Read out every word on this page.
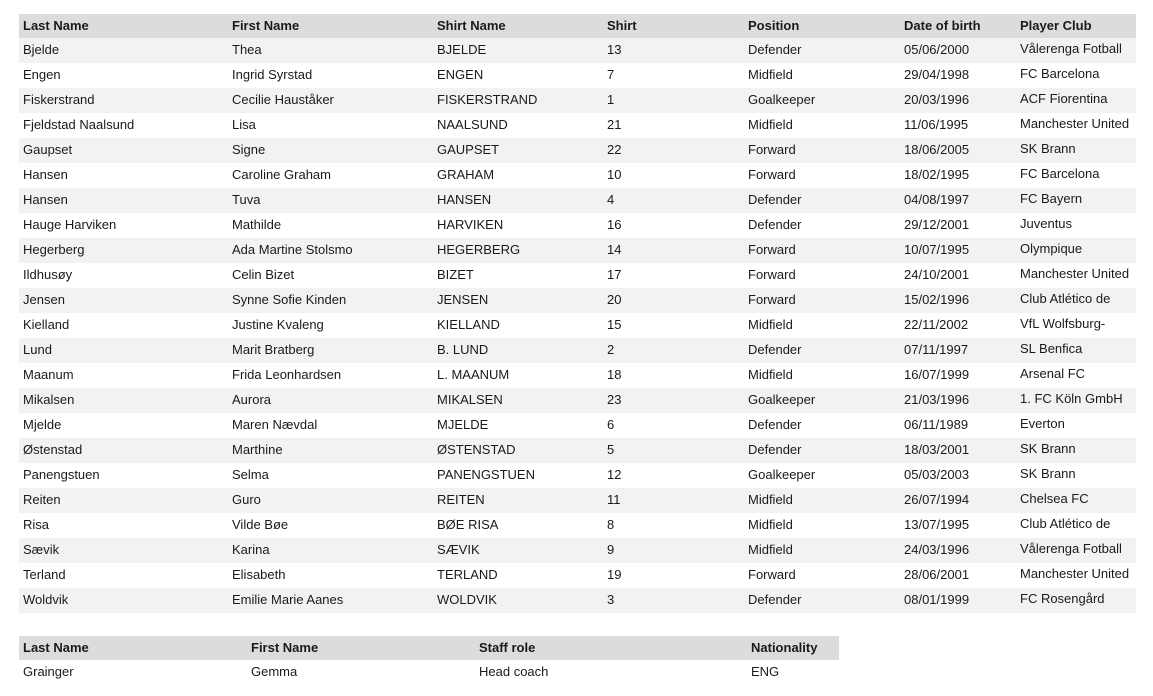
Last Name	First Name	Shirt Name	Shirt	Position	Date of birth	Player Club

Bjelde	Thea	BJELDE	13	Defender	05/06/2000	Vålerenga Fotball

Engen	Ingrid Syrstad	ENGEN	7	Midfield	29/04/1998	FC Barcelona

Fiskerstrand	Cecilie Hauståker	FISKERSTRAND	1	Goalkeeper	20/03/1996	ACF Fiorentina

Fjeldstad Naalsund	Lisa	NAALSUND	21	Midfield	11/06/1995	Manchester United

Gaupset	Signe	GAUPSET	22	Forward	18/06/2005	SK Brann

Hansen	Caroline Graham	GRAHAM	10	Forward	18/02/1995	FC Barcelona

Hansen	Tuva	HANSEN	4	Defender	04/08/1997	FC Bayern

Hauge Harviken	Mathilde	HARVIKEN	16	Defender	29/12/2001	Juventus

Hegerberg	Ada Martine Stolsmo	HEGERBERG	14	Forward	10/07/1995	Olympique

Ildhusøy	Celin Bizet	BIZET	17	Forward	24/10/2001	Manchester United

Jensen	Synne Sofie Kinden	JENSEN	20	Forward	15/02/1996	Club Atlético de

Kielland	Justine Kvaleng	KIELLAND	15	Midfield	22/11/2002	VfL Wolfsburg-

Lund	Marit Bratberg	B. LUND	2	Defender	07/11/1997	SL Benfica

Maanum	Frida Leonhardsen	L. MAANUM	18	Midfield	16/07/1999	Arsenal FC

Mikalsen	Aurora	MIKALSEN	23	Goalkeeper	21/03/1996	1. FC Köln GmbH

Mjelde	Maren Nævdal	MJELDE	6	Defender	06/11/1989	Everton

Østenstad	Marthine	ØSTENSTAD	5	Defender	18/03/2001	SK Brann

Panengstuen	Selma	PANENGSTUEN	12	Goalkeeper	05/03/2003	SK Brann

Reiten	Guro	REITEN	11	Midfield	26/07/1994	Chelsea FC

Risa	Vilde Bøe	BØE RISA	8	Midfield	13/07/1995	Club Atlético de

Sævik	Karina	SÆVIK	9	Midfield	24/03/1996	Vålerenga Fotball

Terland	Elisabeth	TERLAND	19	Forward	28/06/2001	Manchester United

Woldvik	Emilie Marie Aanes	WOLDVIK	3	Defender	08/01/1999	FC Rosengård
Last Name	First Name	Staff role	Nationality

Grainger	Gemma	Head coach	ENG
